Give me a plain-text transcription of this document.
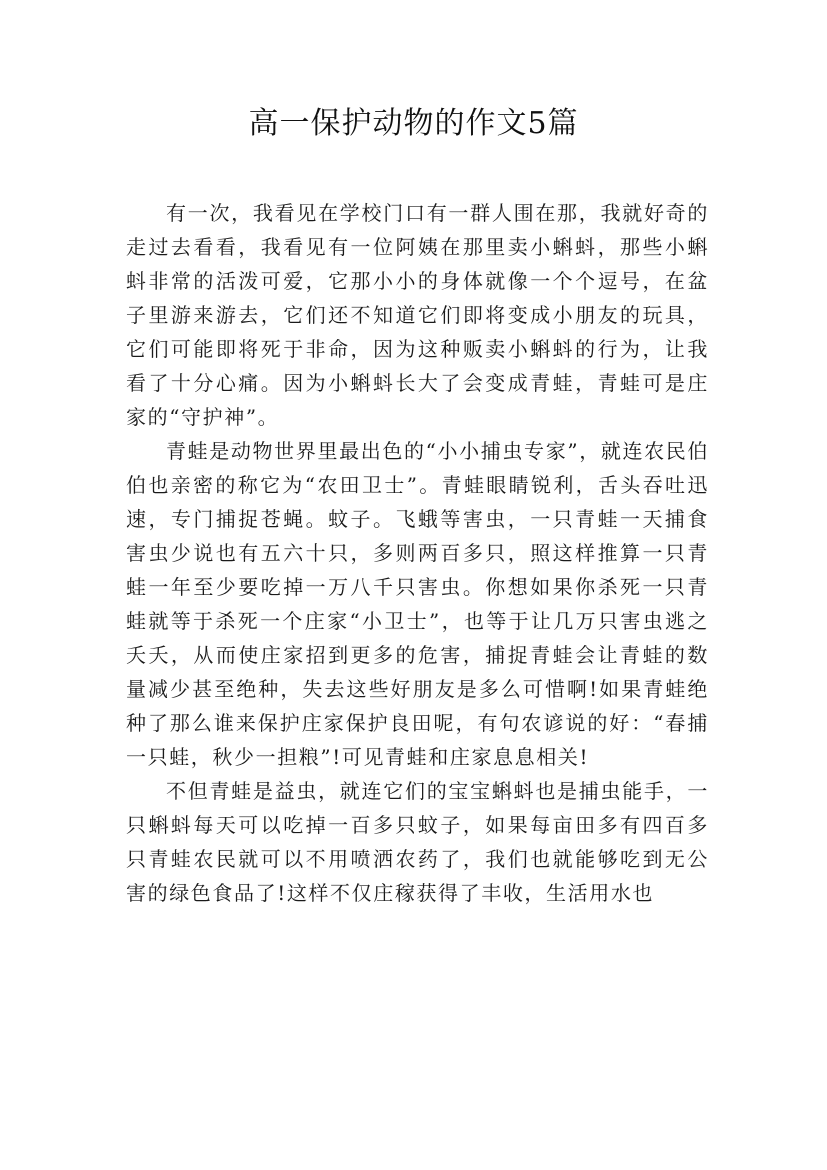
高一保护动物的作文5篇

有一次，我看见在学校门口有一群人围在那，我就好奇的走过去看看，我看见有一位阿姨在那里卖小蝌蚪，那些小蝌蚪非常的活泼可爱，它那小小的身体就像一个个逗号，在盆子里游来游去，它们还不知道它们即将变成小朋友的玩具，它们可能即将死于非命，因为这种贩卖小蝌蚪的行为，让我看了十分心痛。因为小蝌蚪长大了会变成青蛙，青蛙可是庄家的“守护神”。

青蛙是动物世界里最出色的“小小捕虫专家”，就连农民伯伯也亲密的称它为“农田卫士”。青蛙眼睛锐利，舌头吞吐迅速，专门捕捉苍蝇。蚊子。飞蛾等害虫，一只青蛙一天捕食害虫少说也有五六十只，多则两百多只，照这样推算一只青蛙一年至少要吃掉一万八千只害虫。你想如果你杀死一只青蛙就等于杀死一个庄家“小卫士”，也等于让几万只害虫逃之夭夭，从而使庄家招到更多的危害，捕捉青蛙会让青蛙的数量减少甚至绝种，失去这些好朋友是多么可惜啊!如果青蛙绝种了那么谁来保护庄家保护良田呢，有句农谚说的好：“春捕一只蛙，秋少一担粮”!可见青蛙和庄家息息相关!

不但青蛙是益虫，就连它们的宝宝蝌蚪也是捕虫能手，一只蝌蚪每天可以吃掉一百多只蚊子，如果每亩田多有四百多只青蛙农民就可以不用喷洒农药了，我们也就能够吃到无公害的绿色食品了!这样不仅庄稼获得了丰收，生活用水也
